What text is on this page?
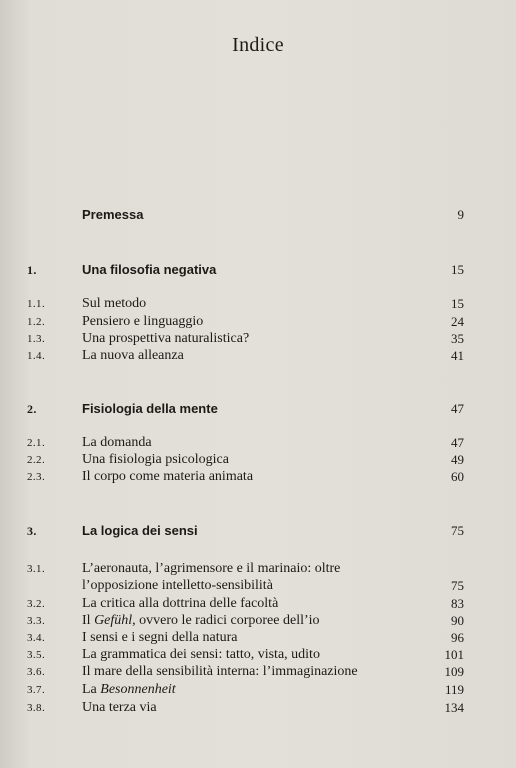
Indice
Premessa	9
1.	Una filosofia negativa	15
1.1.	Sul metodo	15
1.2.	Pensiero e linguaggio	24
1.3.	Una prospettiva naturalistica?	35
1.4.	La nuova alleanza	41
2.	Fisiologia della mente	47
2.1.	La domanda	47
2.2.	Una fisiologia psicologica	49
2.3.	Il corpo come materia animata	60
3.	La logica dei sensi	75
3.1.	L’aeronauta, l’agrimensore e il marinaio: oltre
l’opposizione intelletto-sensibilità	75
3.2.	La critica alla dottrina delle facoltà	83
3.3.	Il Gefühl, ovvero le radici corporee dell’io	90
3.4.	I sensi e i segni della natura	96
3.5.	La grammatica dei sensi: tatto, vista, udito	101
3.6.	Il mare della sensibilità interna: l’immaginazione	109
3.7.	La Besonnenheit	119
3.8.	Una terza via	134
